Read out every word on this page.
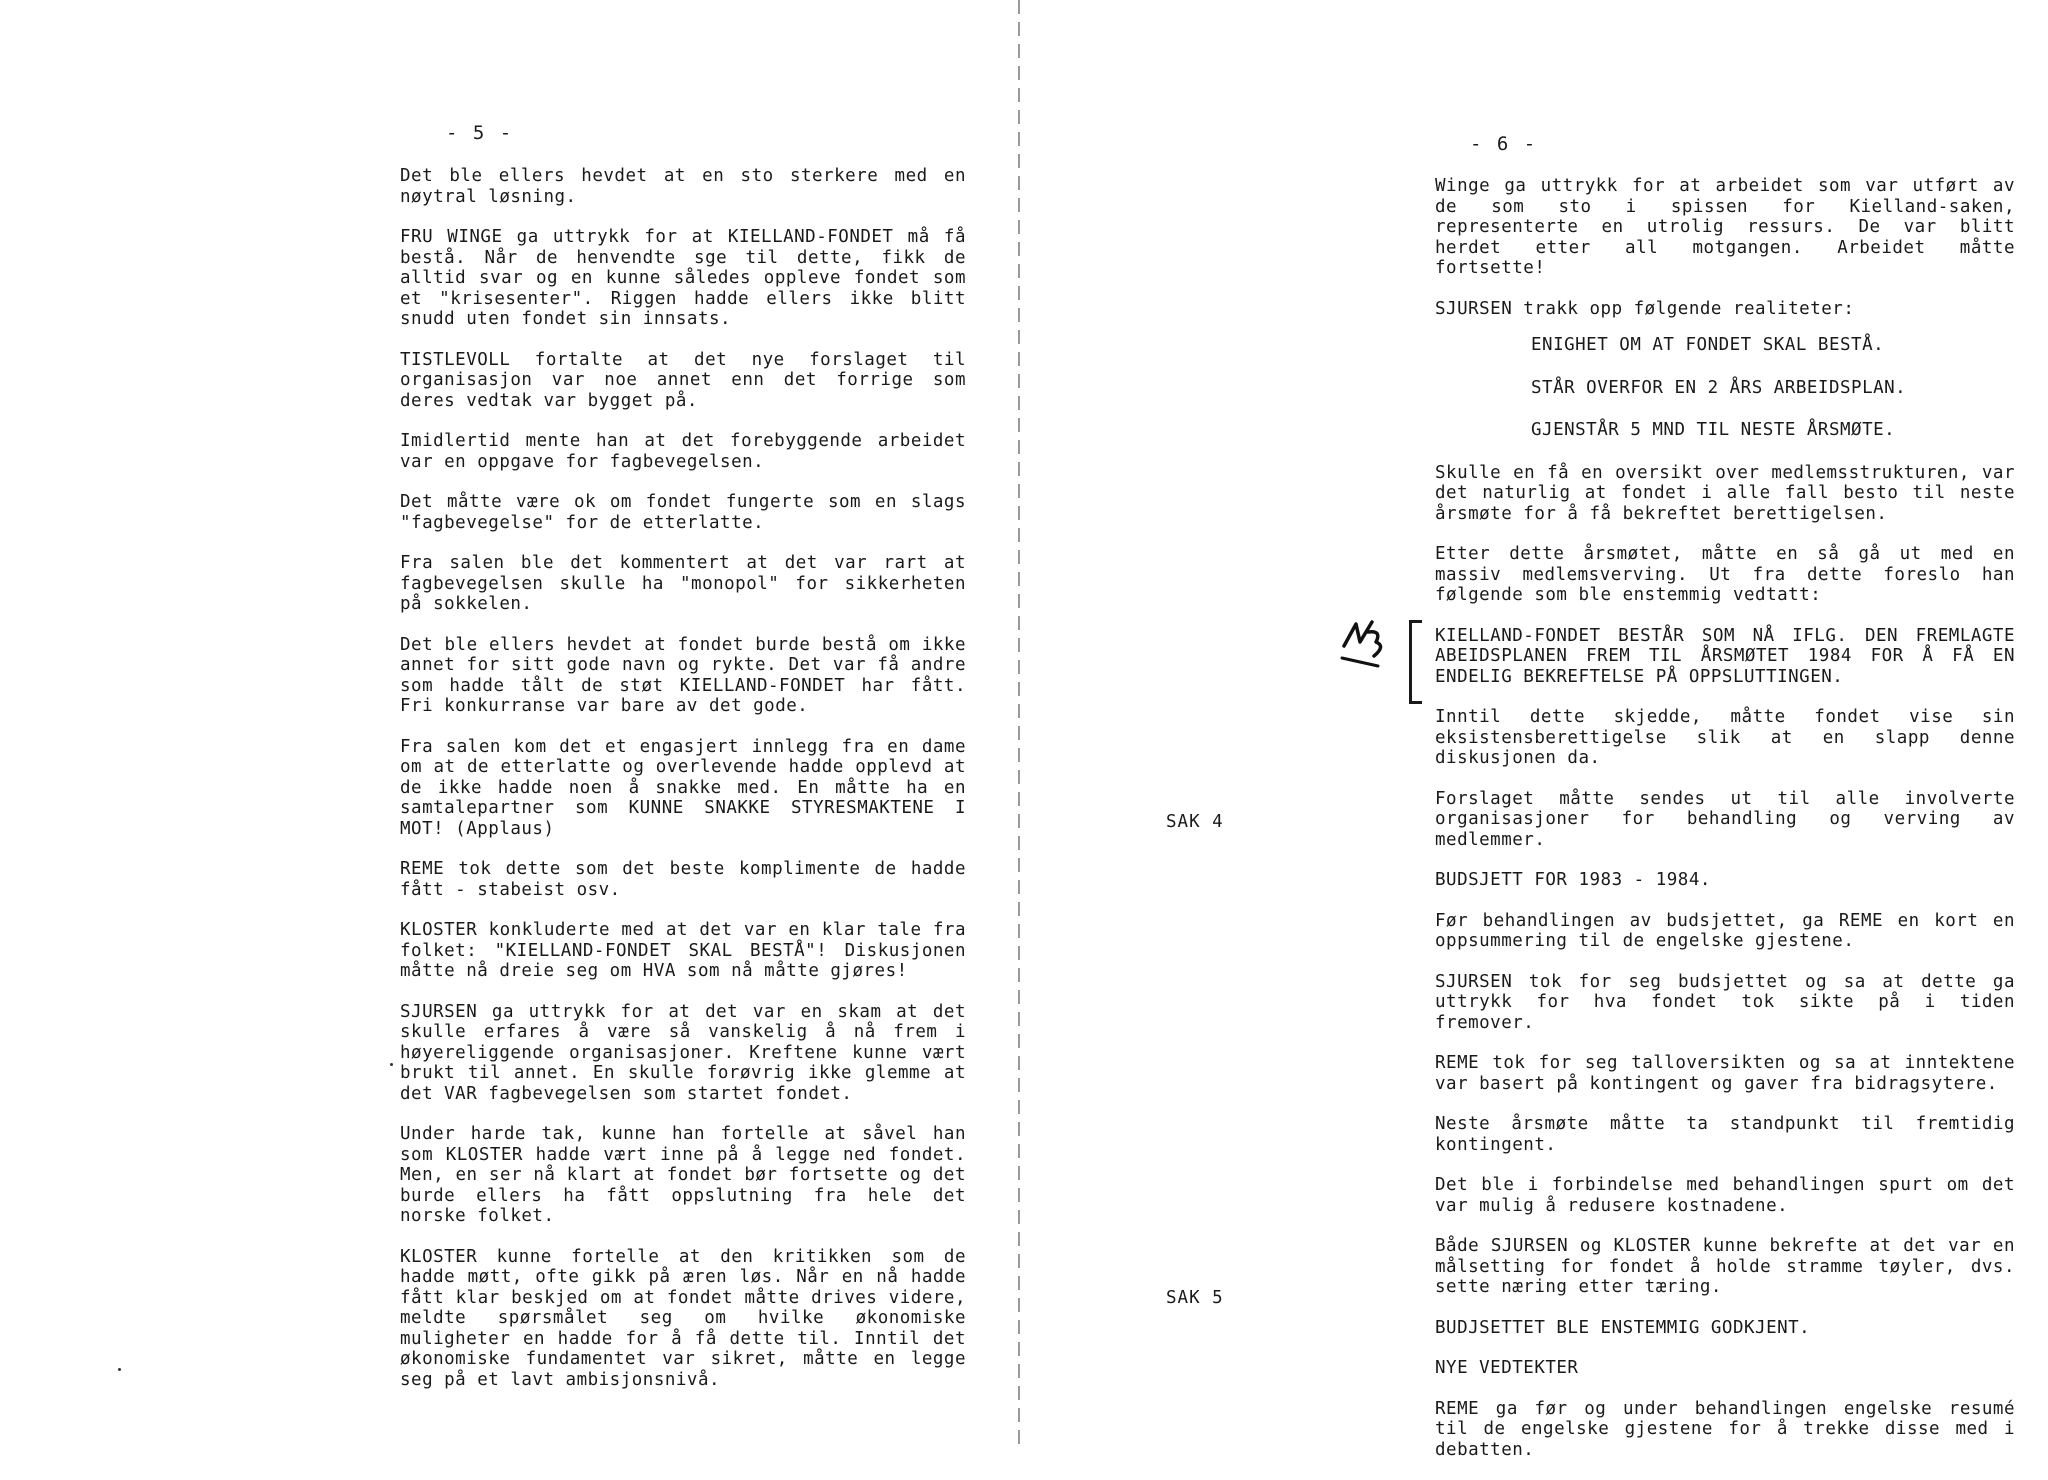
- 5 -

Det ble ellers hevdet at en sto sterkere med en nøytral løsning.

FRU WINGE ga uttrykk for at KIELLAND-FONDET må få bestå. Når de henvendte sge til dette, fikk de alltid svar og en kunne således oppleve fondet som et "krisesenter". Riggen hadde ellers ikke blitt snudd uten fondet sin innsats.

TISTLEVOLL fortalte at det nye forslaget til organisasjon var noe annet enn det forrige som deres vedtak var bygget på.

Imidlertid mente han at det forebyggende arbeidet var en oppgave for fagbevegelsen.

Det måtte være ok om fondet fungerte som en slags "fagbevegelse" for de etterlatte.

Fra salen ble det kommentert at det var rart at fagbevegelsen skulle ha "monopol" for sikkerheten på sokkelen.

Det ble ellers hevdet at fondet burde bestå om ikke annet for sitt gode navn og rykte. Det var få andre som hadde tålt de støt KIELLAND-FONDET har fått. Fri konkurranse var bare av det gode.

Fra salen kom det et engasjert innlegg fra en dame om at de etterlatte og overlevende hadde opplevd at de ikke hadde noen å snakke med. En måtte ha en samtalepartner som KUNNE SNAKKE STYRESMAKTENE I MOT! (Applaus)

REME tok dette som det beste komplimente de hadde fått - stabeist osv.

KLOSTER konkluderte med at det var en klar tale fra folket: "KIELLAND-FONDET SKAL BESTÅ"! Diskusjonen måtte nå dreie seg om HVA som nå måtte gjøres!

SJURSEN ga uttrykk for at det var en skam at det skulle erfares å være så vanskelig å nå frem i høyereliggende organisasjoner. Kreftene kunne vært brukt til annet. En skulle forøvrig ikke glemme at det VAR fagbevegelsen som startet fondet.

Under harde tak, kunne han fortelle at såvel han som KLOSTER hadde vært inne på å legge ned fondet. Men, en ser nå klart at fondet bør fortsette og det burde ellers ha fått oppslutning fra hele det norske folket.

KLOSTER kunne fortelle at den kritikken som de hadde møtt, ofte gikk på æren løs. Når en nå hadde fått klar beskjed om at fondet måtte drives videre, meldte spørsmålet seg om hvilke økonomiske muligheter en hadde for å få dette til. Inntil det økonomiske fundamentet var sikret, måtte en legge seg på et lavt ambisjonsnivå.

- 6 -
SAK 4
SAK 5

Winge ga uttrykk for at arbeidet som var utført av de som sto i spissen for Kielland-saken, representerte en utrolig ressurs. De var blitt herdet etter all motgangen. Arbeidet måtte fortsette!

SJURSEN trakk opp følgende realiteter:

ENIGHET OM AT FONDET SKAL BESTÅ.

STÅR OVERFOR EN 2 ÅRS ARBEIDSPLAN.

GJENSTÅR 5 MND TIL NESTE ÅRSMØTE.

Skulle en få en oversikt over medlemsstrukturen, var det naturlig at fondet i alle fall besto til neste årsmøte for å få bekreftet berettigelsen.

Etter dette årsmøtet, måtte en så gå ut med en massiv medlemsverving. Ut fra dette foreslo han følgende som ble enstemmig vedtatt:

KIELLAND-FONDET BESTÅR SOM NÅ IFLG. DEN FREMLAGTE ABEIDSPLANEN FREM TIL ÅRSMØTET 1984 FOR Å FÅ EN ENDELIG BEKREFTELSE PÅ OPPSLUTTINGEN.

Inntil dette skjedde, måtte fondet vise sin eksistensberettigelse slik at en slapp denne diskusjonen da.

Forslaget måtte sendes ut til alle involverte organisasjoner for behandling og verving av medlemmer.

BUDSJETT FOR 1983 - 1984.

Før behandlingen av budsjettet, ga REME en kort en oppsummering til de engelske gjestene.

SJURSEN tok for seg budsjettet og sa at dette ga uttrykk for hva fondet tok sikte på i tiden fremover.

REME tok for seg talloversikten og sa at inntektene var basert på kontingent og gaver fra bidragsytere.

Neste årsmøte måtte ta standpunkt til fremtidig kontingent.

Det ble i forbindelse med behandlingen spurt om det var mulig å redusere kostnadene.

Både SJURSEN og KLOSTER kunne bekrefte at det var en målsetting for fondet å holde stramme tøyler, dvs. sette næring etter tæring.

BUDJSETTET BLE ENSTEMMIG GODKJENT.

NYE VEDTEKTER

REME ga før og under behandlingen engelske resumé til de engelske gjestene for å trekke disse med i debatten.
